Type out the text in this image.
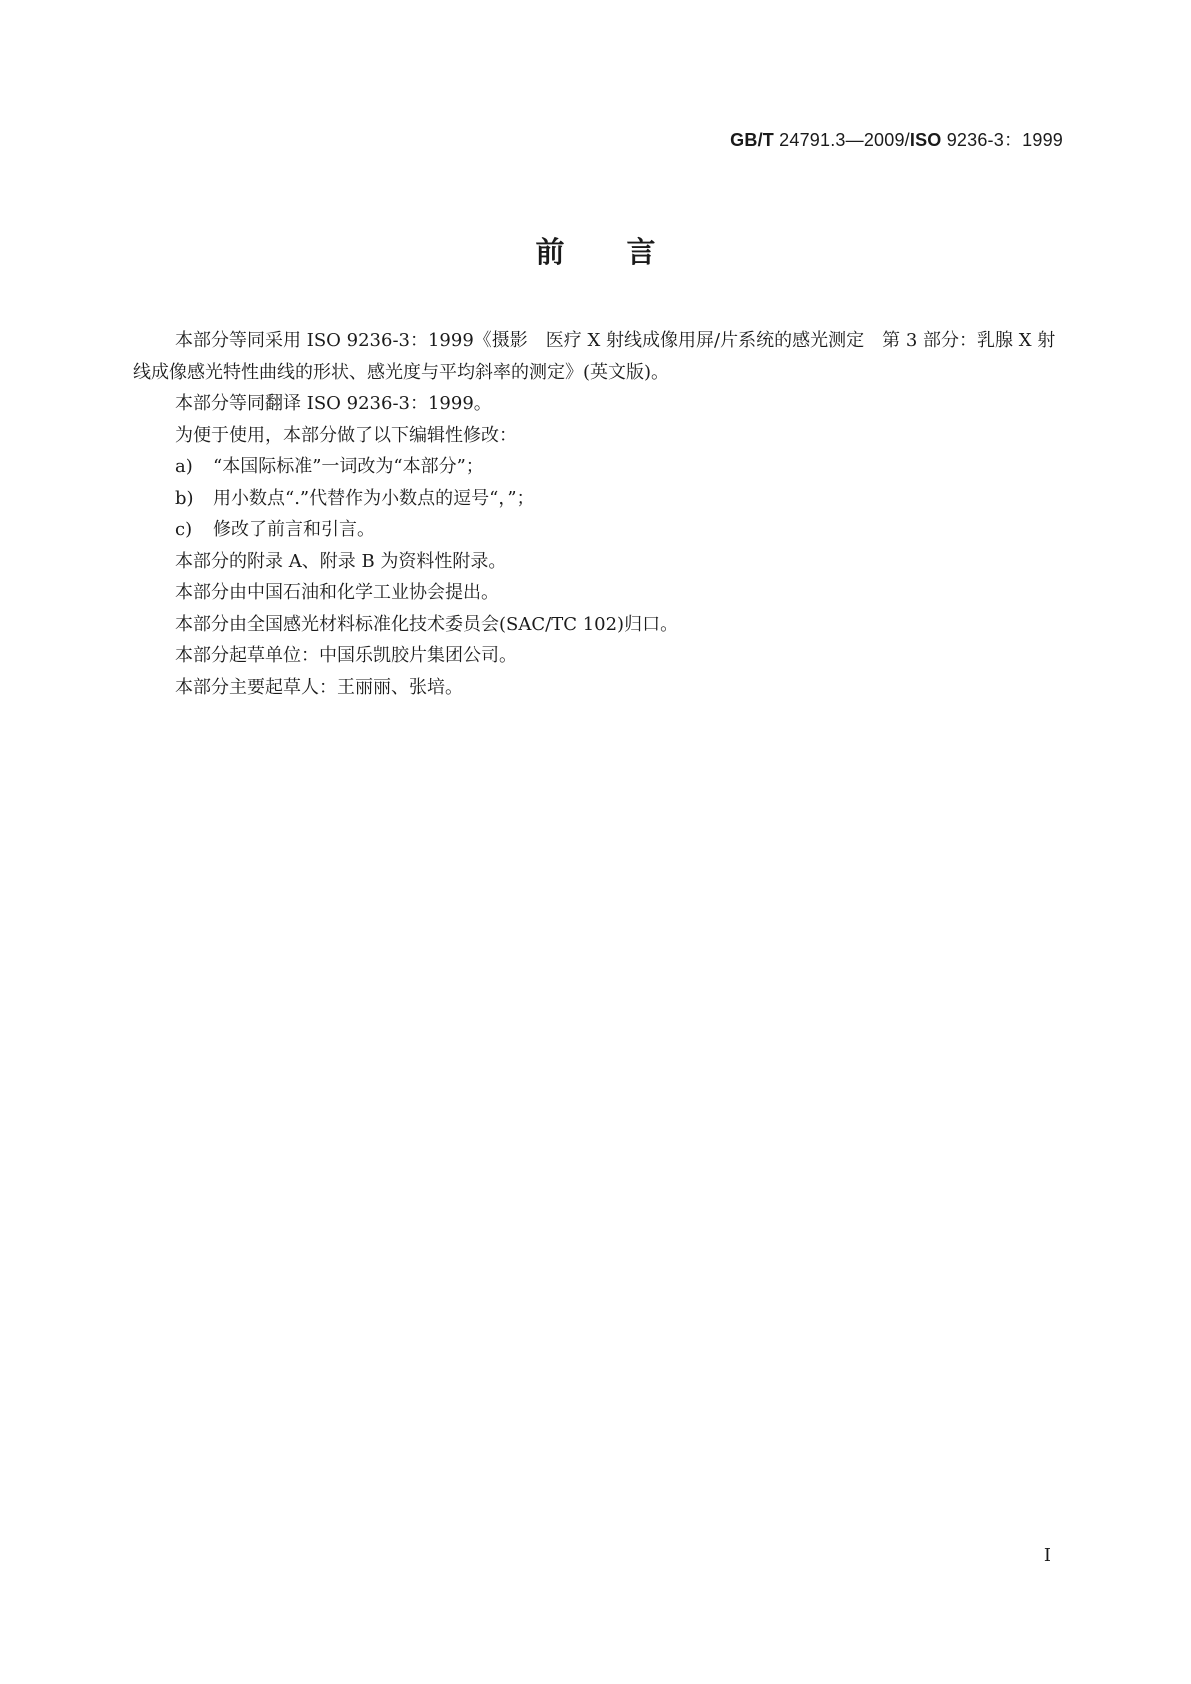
GB/T 24791.3—2009/ISO 9236-3：1999
前言

本部分等同采用 ISO 9236-3：1999《摄影　医疗 X 射线成像用屏/片系统的感光测定　第 3 部分：乳腺 X 射线成像感光特性曲线的形状、感光度与平均斜率的测定》(英文版)。

本部分等同翻译 ISO 9236-3：1999。

为便于使用，本部分做了以下编辑性修改：

a) “本国际标准”一词改为“本部分”；

b) 用小数点“.”代替作为小数点的逗号“，”；

c) 修改了前言和引言。

本部分的附录 A、附录 B 为资料性附录。

本部分由中国石油和化学工业协会提出。

本部分由全国感光材料标准化技术委员会(SAC/TC 102)归口。

本部分起草单位：中国乐凯胶片集团公司。

本部分主要起草人：王丽丽、张培。

I
